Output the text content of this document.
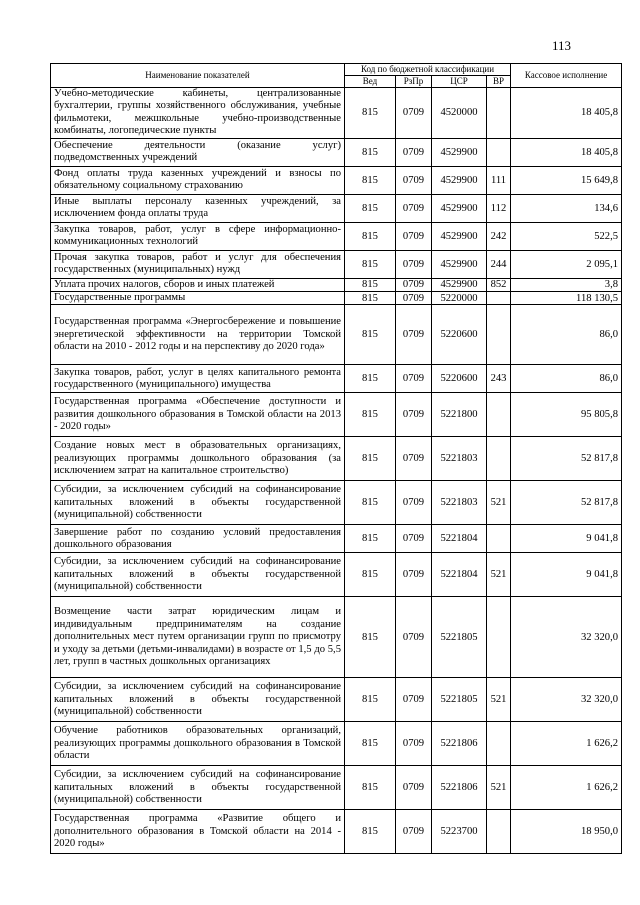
113
Наименование показателей	Код по бюджетной классификации				Кассовое исполнение
	Вед	РзПр	ЦСР	ВР	
Учебно-методические кабинеты, централизованные бухгалтерии, группы хозяйственного обслуживания, учебные фильмотеки, межшкольные учебно-производственные комбинаты, логопедические пункты	815	0709	4520000		18 405,8
Обеспечение деятельности (оказание услуг) подведомственных учреждений	815	0709	4529900		18 405,8
Фонд оплаты труда казенных учреждений и взносы по обязательному социальному страхованию	815	0709	4529900	111	15 649,8
Иные выплаты персоналу казенных учреждений, за исключением фонда оплаты труда	815	0709	4529900	112	134,6
Закупка товаров, работ, услуг в сфере информационно-коммуникационных технологий	815	0709	4529900	242	522,5
Прочая закупка товаров, работ и услуг для обеспечения государственных (муниципальных) нужд	815	0709	4529900	244	2 095,1
Уплата прочих налогов, сборов и иных платежей	815	0709	4529900	852	3,8
Государственные программы	815	0709	5220000		118 130,5
Государственная программа «Энергосбережение и повышение энергетической эффективности на территории Томской области на 2010 - 2012 годы и на перспективу до 2020 года»	815	0709	5220600		86,0
Закупка товаров, работ, услуг в целях капитального ремонта государственного (муниципального) имущества	815	0709	5220600	243	86,0
Государственная программа «Обеспечение доступности и развития дошкольного образования в Томской области на 2013 - 2020 годы»	815	0709	5221800		95 805,8
Создание новых мест в образовательных организациях, реализующих программы дошкольного образования (за исключением затрат на капитальное строительство)	815	0709	5221803		52 817,8
Субсидии, за исключением субсидий на софинансирование капитальных вложений в объекты государственной (муниципальной) собственности	815	0709	5221803	521	52 817,8
Завершение работ по созданию условий предоставления дошкольного образования	815	0709	5221804		9 041,8
Субсидии, за исключением субсидий на софинансирование капитальных вложений в объекты государственной (муниципальной) собственности	815	0709	5221804	521	9 041,8
Возмещение части затрат юридическим лицам и индивидуальным предпринимателям на создание дополнительных мест путем организации групп по присмотру и уходу за детьми (детьми-инвалидами) в возрасте от 1,5 до 5,5 лет, групп в частных дошкольных организациях	815	0709	5221805		32 320,0
Субсидии, за исключением субсидий на софинансирование капитальных вложений в объекты государственной (муниципальной) собственности	815	0709	5221805	521	32 320,0
Обучение работников образовательных организаций, реализующих программы дошкольного образования в Томской области	815	0709	5221806		1 626,2
Субсидии, за исключением субсидий на софинансирование капитальных вложений в объекты государственной (муниципальной) собственности	815	0709	5221806	521	1 626,2
Государственная программа «Развитие общего и дополнительного образования в Томской области на 2014 - 2020 годы»	815	0709	5223700		18 950,0
